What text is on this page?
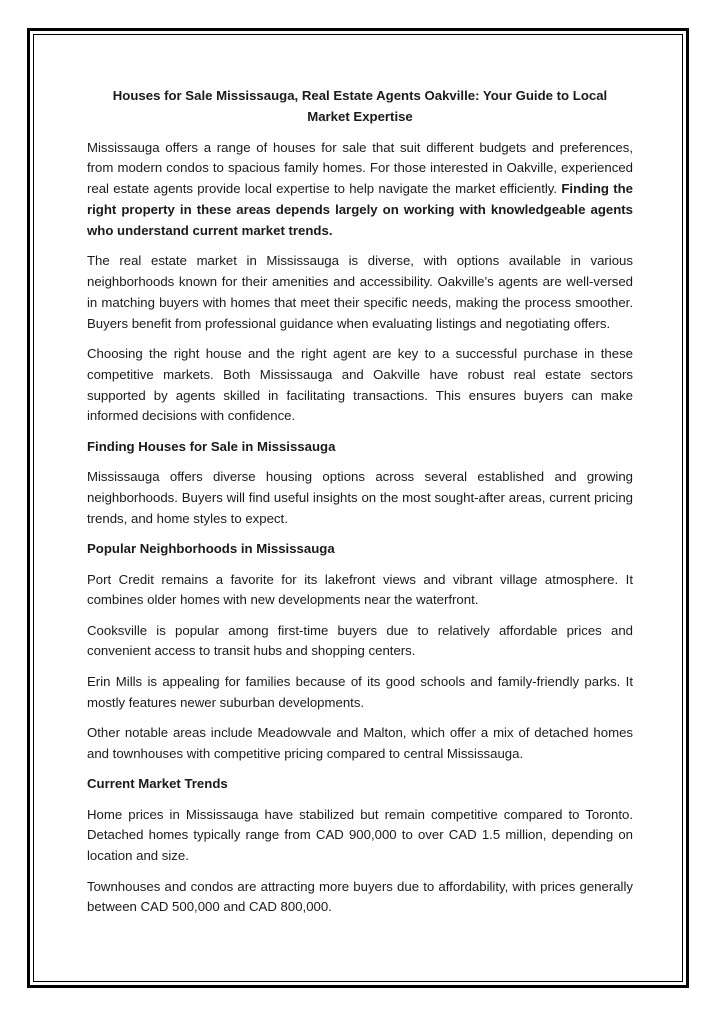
Houses for Sale Mississauga, Real Estate Agents Oakville: Your Guide to Local Market Expertise

Mississauga offers a range of houses for sale that suit different budgets and preferences, from modern condos to spacious family homes. For those interested in Oakville, experienced real estate agents provide local expertise to help navigate the market efficiently. Finding the right property in these areas depends largely on working with knowledgeable agents who understand current market trends.

The real estate market in Mississauga is diverse, with options available in various neighborhoods known for their amenities and accessibility. Oakville’s agents are well-versed in matching buyers with homes that meet their specific needs, making the process smoother. Buyers benefit from professional guidance when evaluating listings and negotiating offers.

Choosing the right house and the right agent are key to a successful purchase in these competitive markets. Both Mississauga and Oakville have robust real estate sectors supported by agents skilled in facilitating transactions. This ensures buyers can make informed decisions with confidence.

Finding Houses for Sale in Mississauga

Mississauga offers diverse housing options across several established and growing neighborhoods. Buyers will find useful insights on the most sought-after areas, current pricing trends, and home styles to expect.

Popular Neighborhoods in Mississauga

Port Credit remains a favorite for its lakefront views and vibrant village atmosphere. It combines older homes with new developments near the waterfront.

Cooksville is popular among first-time buyers due to relatively affordable prices and convenient access to transit hubs and shopping centers.

Erin Mills is appealing for families because of its good schools and family-friendly parks. It mostly features newer suburban developments.

Other notable areas include Meadowvale and Malton, which offer a mix of detached homes and townhouses with competitive pricing compared to central Mississauga.

Current Market Trends

Home prices in Mississauga have stabilized but remain competitive compared to Toronto. Detached homes typically range from CAD 900,000 to over CAD 1.5 million, depending on location and size.

Townhouses and condos are attracting more buyers due to affordability, with prices generally between CAD 500,000 and CAD 800,000.
